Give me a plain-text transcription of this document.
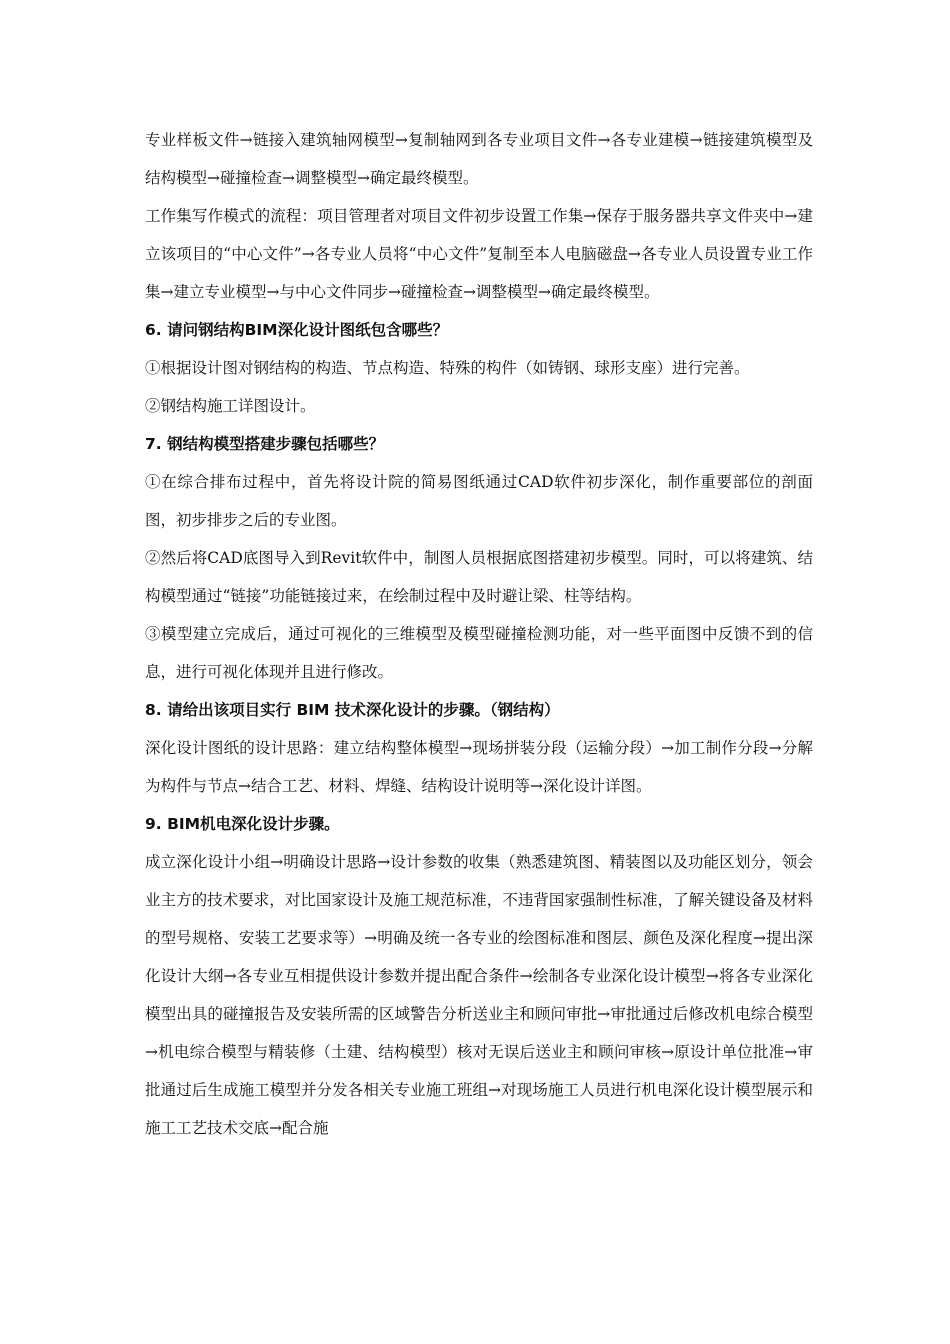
专业样板文件→链接入建筑轴网模型→复制轴网到各专业项目文件→各专业建模→链接建筑模型及结构模型→碰撞检查→调整模型→确定最终模型。

工作集写作模式的流程：项目管理者对项目文件初步设置工作集→保存于服务器共享文件夹中→建立该项目的“中心文件”→各专业人员将“中心文件”复制至本人电脑磁盘→各专业人员设置专业工作集→建立专业模型→与中心文件同步→碰撞检查→调整模型→确定最终模型。

6. 请问钢结构BIM深化设计图纸包含哪些？

①根据设计图对钢结构的构造、节点构造、特殊的构件（如铸钢、球形支座）进行完善。

②钢结构施工详图设计。

7. 钢结构模型搭建步骤包括哪些？

①在综合排布过程中，首先将设计院的简易图纸通过CAD软件初步深化，制作重要部位的剖面图，初步排步之后的专业图。

②然后将CAD底图导入到Revit软件中，制图人员根据底图搭建初步模型。同时，可以将建筑、结构模型通过“链接”功能链接过来，在绘制过程中及时避让梁、柱等结构。

③模型建立完成后，通过可视化的三维模型及模型碰撞检测功能，对一些平面图中反馈不到的信息，进行可视化体现并且进行修改。

8. 请给出该项目实行 BIM 技术深化设计的步骤。（钢结构）

深化设计图纸的设计思路：建立结构整体模型→现场拼装分段（运输分段）→加工制作分段→分解为构件与节点→结合工艺、材料、焊缝、结构设计说明等→深化设计详图。

9. BIM机电深化设计步骤。

成立深化设计小组→明确设计思路→设计参数的收集（熟悉建筑图、精装图以及功能区划分，领会业主方的技术要求，对比国家设计及施工规范标准，不违背国家强制性标准，了解关键设备及材料的型号规格、安装工艺要求等）→明确及统一各专业的绘图标准和图层、颜色及深化程度→提出深化设计大纲→各专业互相提供设计参数并提出配合条件→绘制各专业深化设计模型→将各专业深化模型出具的碰撞报告及安装所需的区域警告分析送业主和顾问审批→审批通过后修改机电综合模型→机电综合模型与精装修（土建、结构模型）核对无误后送业主和顾问审核→原设计单位批准→审批通过后生成施工模型并分发各相关专业施工班组→对现场施工人员进行机电深化设计模型展示和施工工艺技术交底→配合施
